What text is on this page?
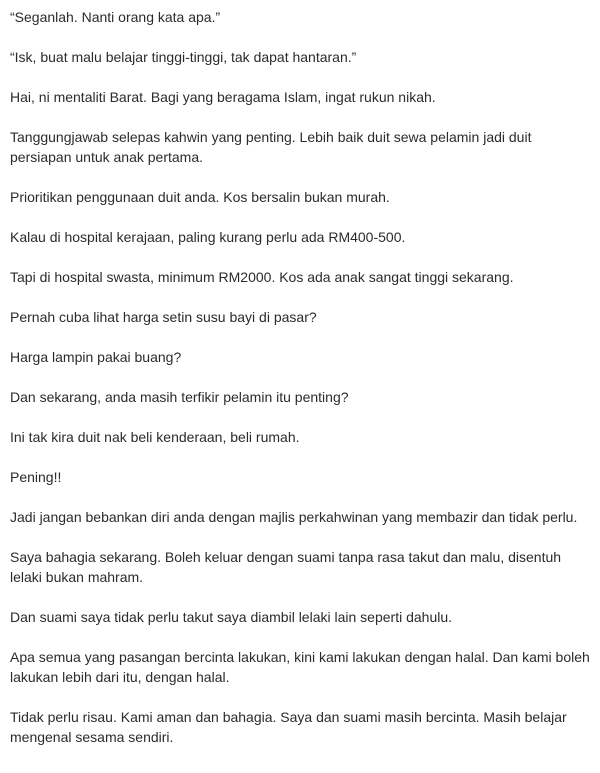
“Seganlah. Nanti orang kata apa.”

“Isk, buat malu belajar tinggi-tinggi, tak dapat hantaran.”

Hai, ni mentaliti Barat. Bagi yang beragama Islam, ingat rukun nikah.

Tanggungjawab selepas kahwin yang penting. Lebih baik duit sewa pelamin jadi duit persiapan untuk anak pertama.

Prioritikan penggunaan duit anda. Kos bersalin bukan murah.

Kalau di hospital kerajaan, paling kurang perlu ada RM400-500.

Tapi di hospital swasta, minimum RM2000. Kos ada anak sangat tinggi sekarang.

Pernah cuba lihat harga setin susu bayi di pasar?

Harga lampin pakai buang?

Dan sekarang, anda masih terfikir pelamin itu penting?

Ini tak kira duit nak beli kenderaan, beli rumah.

Pening!!

Jadi jangan bebankan diri anda dengan majlis perkahwinan yang membazir dan tidak perlu.

Saya bahagia sekarang. Boleh keluar dengan suami tanpa rasa takut dan malu, disentuh lelaki bukan mahram.

Dan suami saya tidak perlu takut saya diambil lelaki lain seperti dahulu.

Apa semua yang pasangan bercinta lakukan, kini kami lakukan dengan halal. Dan kami boleh lakukan lebih dari itu, dengan halal.

Tidak perlu risau. Kami aman dan bahagia. Saya dan suami masih bercinta. Masih belajar mengenal sesama sendiri.
